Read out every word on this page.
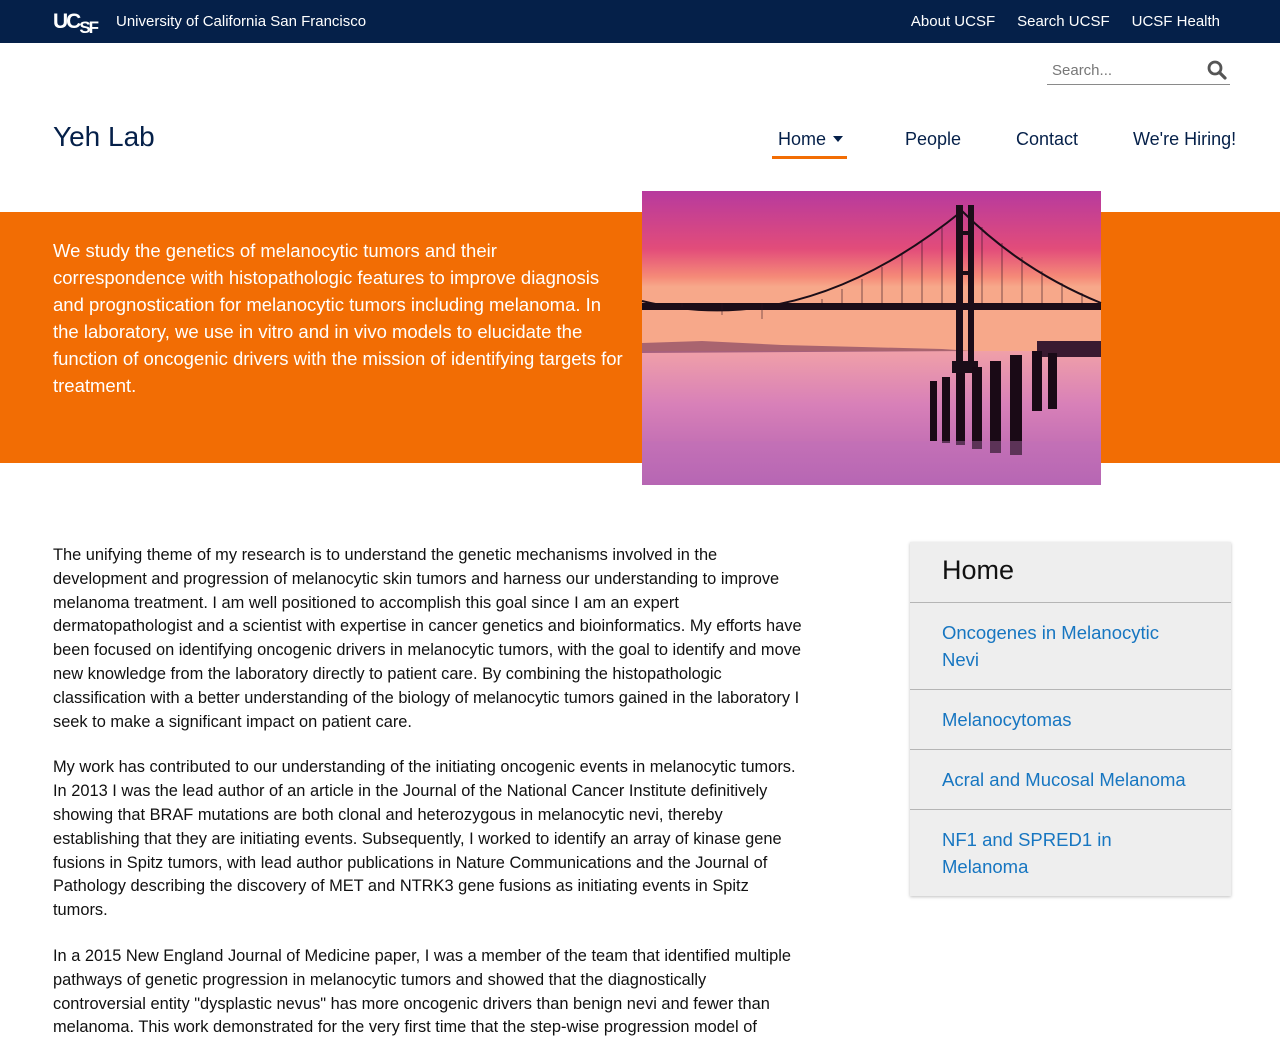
$UC_{SF}$ University of California San Francisco	About UCSF Search UCSF UCSF Health
Search...
Yeh Lab	Home	People	Contact	We're Hiring!
We study the genetics of melanocytic tumors and their correspondence with histopathologic features to improve diagnosis and prognostication for melanocytic tumors including melanoma. In the laboratory, we use in vitro and in vivo models to elucidate the function of oncogenic drivers with the mission of identifying targets for treatment.

The unifying theme of my research is to understand the genetic mechanisms involved in the development and progression of melanocytic skin tumors and harness our understanding to improve melanoma treatment. I am well positioned to accomplish this goal since I am an expert dermatopathologist and a scientist with expertise in cancer genetics and bioinformatics. My efforts have been focused on identifying oncogenic drivers in melanocytic tumors, with the goal to identify and move new knowledge from the laboratory directly to patient care. By combining the histopathologic classification with a better understanding of the biology of melanocytic tumors gained in the laboratory I seek to make a significant impact on patient care.

My work has contributed to our understanding of the initiating oncogenic events in melanocytic tumors. In 2013 I was the lead author of an article in the Journal of the National Cancer Institute definitively showing that BRAF mutations are both clonal and heterozygous in melanocytic nevi, thereby establishing that they are initiating events. Subsequently, I worked to identify an array of kinase gene fusions in Spitz tumors, with lead author publications in Nature Communications and the Journal of Pathology describing the discovery of MET and NTRK3 gene fusions as initiating events in Spitz tumors.

In a 2015 New England Journal of Medicine paper, I was a member of the team that identified multiple pathways of genetic progression in melanocytic tumors and showed that the diagnostically controversial entity "dysplastic nevus" has more oncogenic drivers than benign nevi and fewer than melanoma. This work demonstrated for the very first time that the step-wise progression model of

Home
Oncogenes in Melanocytic Nevi
Melanocytomas
Acral and Mucosal Melanoma
NF1 and SPRED1 in Melanoma
